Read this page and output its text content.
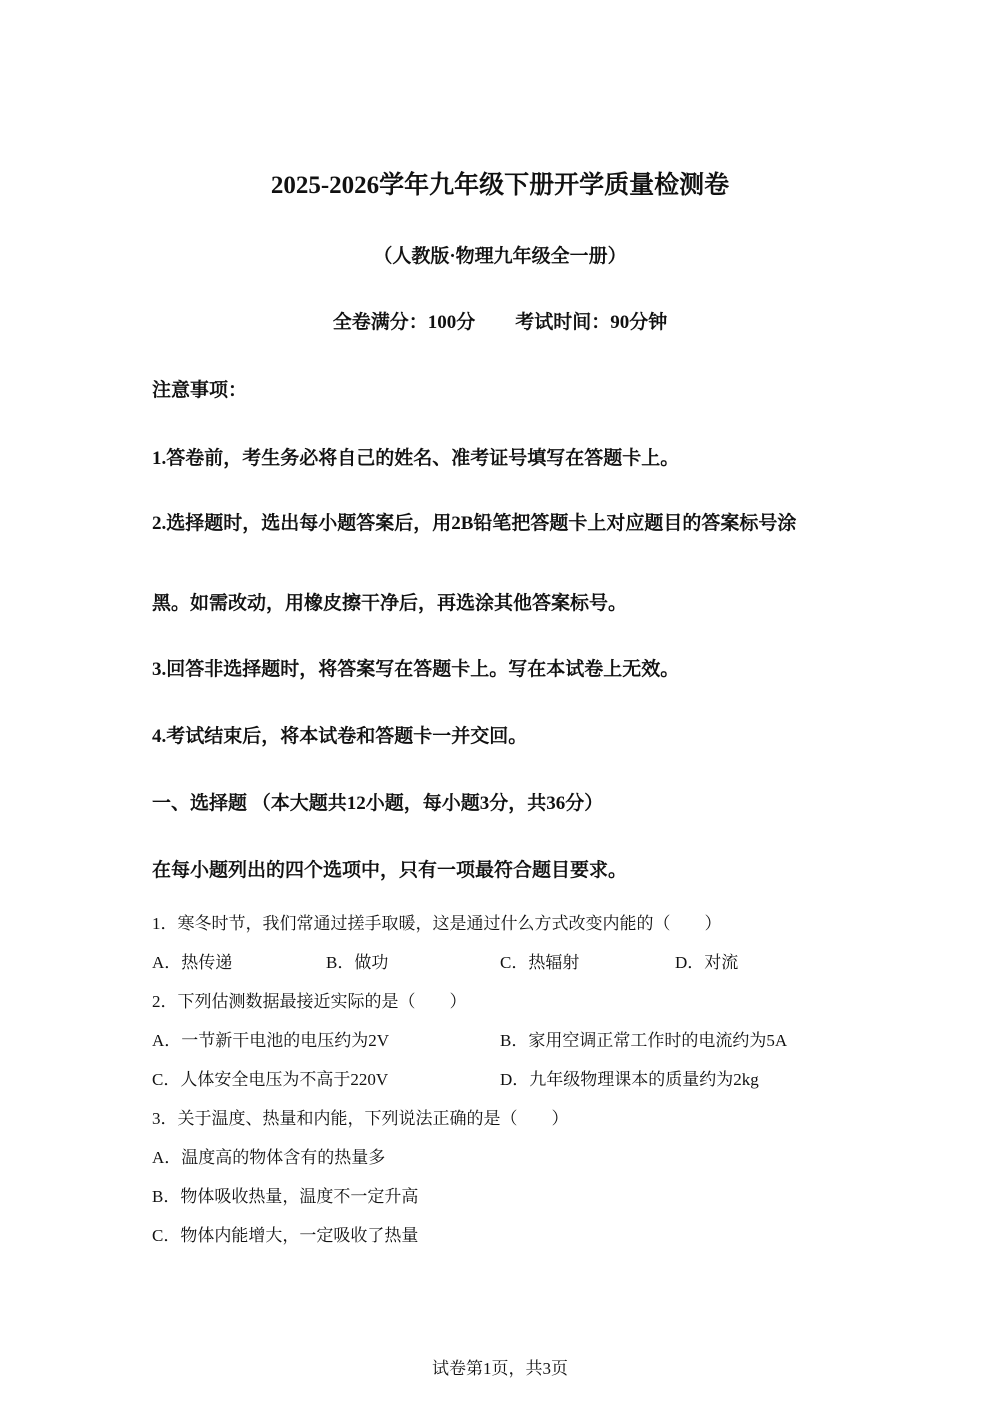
2025-2026学年九年级下册开学质量检测卷
（人教版·物理九年级全一册）
全卷满分：100分 考试时间：90分钟
注意事项：
1.答卷前，考生务必将自己的姓名、准考证号填写在答题卡上。
2.选择题时，选出每小题答案后，用2B铅笔把答题卡上对应题目的答案标号涂
黑。如需改动，用橡皮擦干净后，再选涂其他答案标号。
3.回答非选择题时，将答案写在答题卡上。写在本试卷上无效。
4.考试结束后，将本试卷和答题卡一并交回。
一、选择题 （本大题共12小题，每小题3分，共36分）
在每小题列出的四个选项中，只有一项最符合题目要求。
1．寒冬时节，我们常通过搓手取暖，这是通过什么方式改变内能的（　　）
A．热传递	B．做功	C．热辐射	D．对流
2．下列估测数据最接近实际的是（　　）
A．一节新干电池的电压约为2V	B．家用空调正常工作时的电流约为5A
C．人体安全电压为不高于220V	D．九年级物理课本的质量约为2kg
3．关于温度、热量和内能，下列说法正确的是（　　）
A．温度高的物体含有的热量多
B．物体吸收热量，温度不一定升高
C．物体内能增大，一定吸收了热量
试卷第1页，共3页
